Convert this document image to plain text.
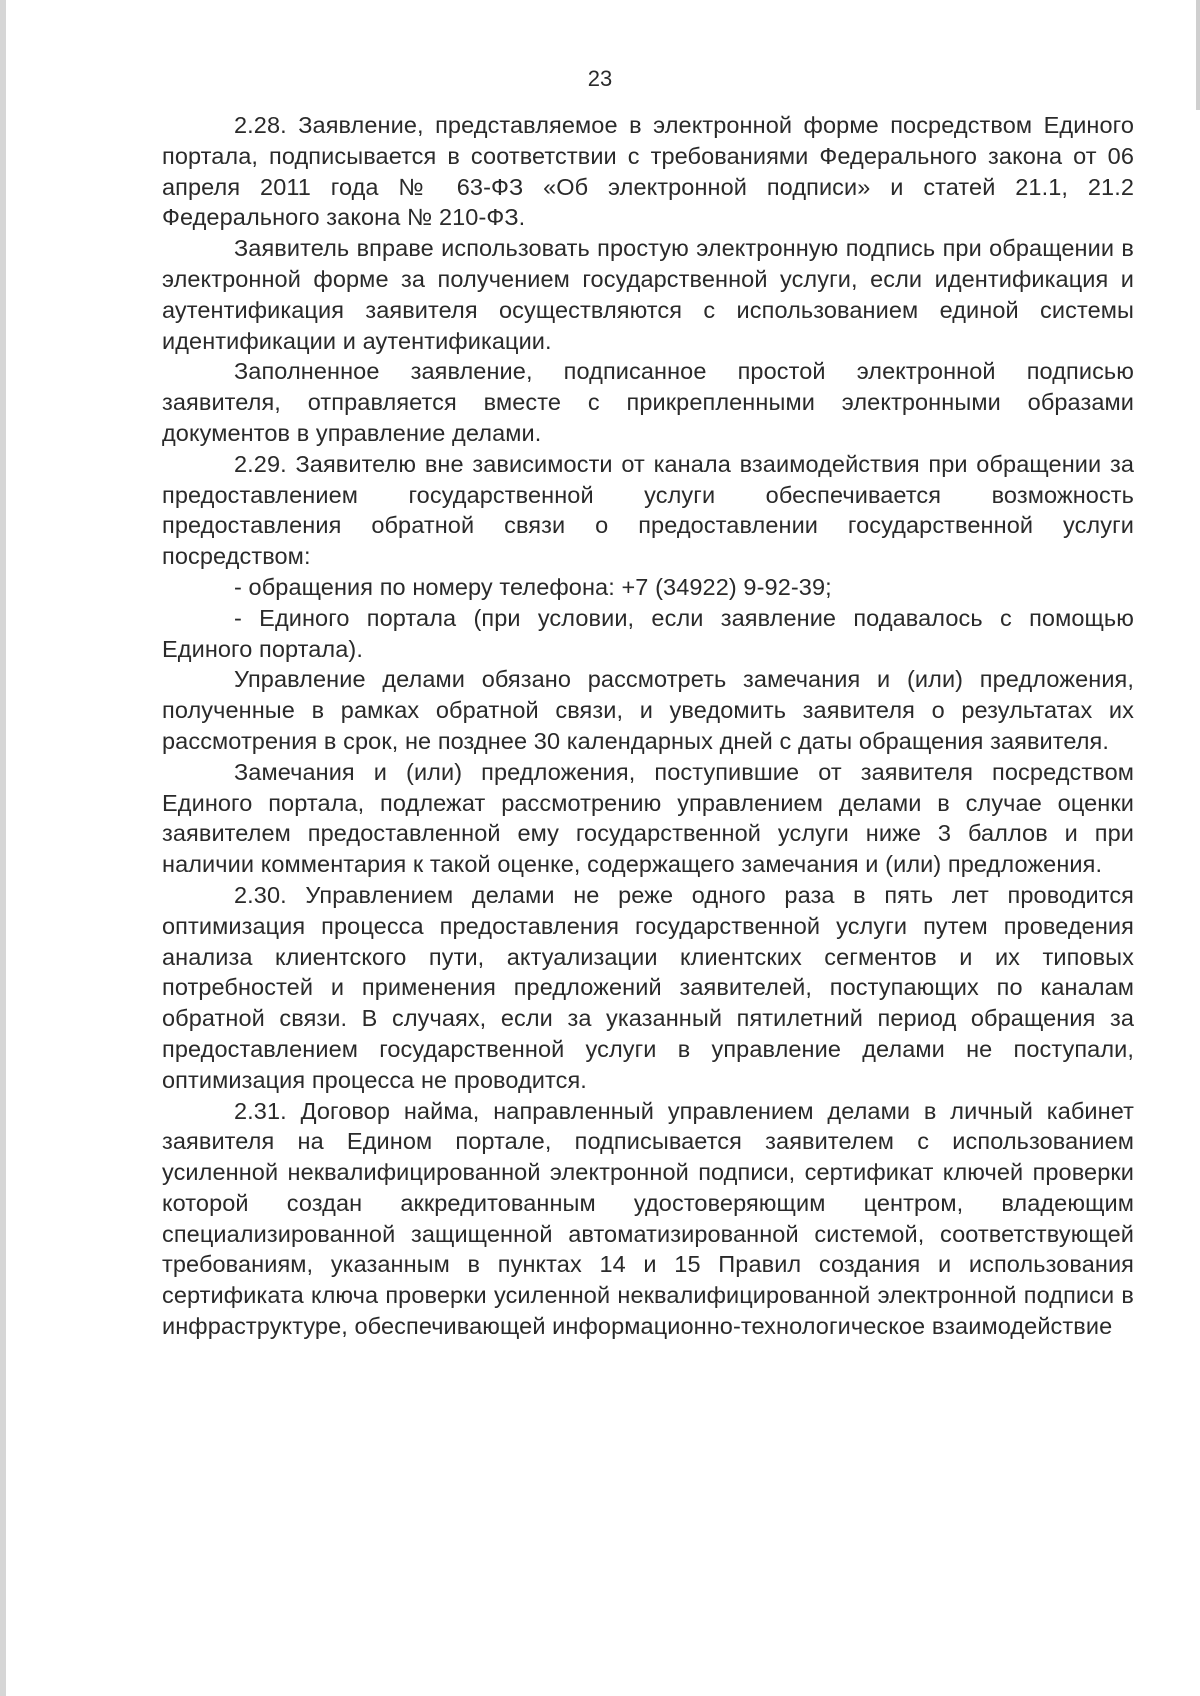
23

2.28. Заявление, представляемое в электронной форме посредством Единого портала, подписывается в соответствии с требованиями Федерального закона от 06 апреля 2011 года № 63-ФЗ «Об электронной подписи» и статей 21.1, 21.2 Федерального закона № 210-ФЗ.

Заявитель вправе использовать простую электронную подпись при обращении в электронной форме за получением государственной услуги, если идентификация и аутентификация заявителя осуществляются с использованием единой системы идентификации и аутентификации.

Заполненное заявление, подписанное простой электронной подписью заявителя, отправляется вместе с прикрепленными электронными образами документов в управление делами.

2.29. Заявителю вне зависимости от канала взаимодействия при обращении за предоставлением государственной услуги обеспечивается возможность предоставления обратной связи о предоставлении государственной услуги посредством:

- обращения по номеру телефона: +7 (34922) 9-92-39;

- Единого портала (при условии, если заявление подавалось с помощью Единого портала).

Управление делами обязано рассмотреть замечания и (или) предложения, полученные в рамках обратной связи, и уведомить заявителя о результатах их рассмотрения в срок, не позднее 30 календарных дней с даты обращения заявителя.

Замечания и (или) предложения, поступившие от заявителя посредством Единого портала, подлежат рассмотрению управлением делами в случае оценки заявителем предоставленной ему государственной услуги ниже 3 баллов и при наличии комментария к такой оценке, содержащего замечания и (или) предложения.

2.30. Управлением делами не реже одного раза в пять лет проводится оптимизация процесса предоставления государственной услуги путем проведения анализа клиентского пути, актуализации клиентских сегментов и их типовых потребностей и применения предложений заявителей, поступающих по каналам обратной связи. В случаях, если за указанный пятилетний период обращения за предоставлением государственной услуги в управление делами не поступали, оптимизация процесса не проводится.

2.31. Договор найма, направленный управлением делами в личный кабинет заявителя на Едином портале, подписывается заявителем с использованием усиленной неквалифицированной электронной подписи, сертификат ключей проверки которой создан аккредитованным удостоверяющим центром, владеющим специализированной защищенной автоматизированной системой, соответствующей требованиям, указанным в пунктах 14 и 15 Правил создания и использования сертификата ключа проверки усиленной неквалифицированной электронной подписи в инфраструктуре, обеспечивающей информационно-технологическое взаимодействие
